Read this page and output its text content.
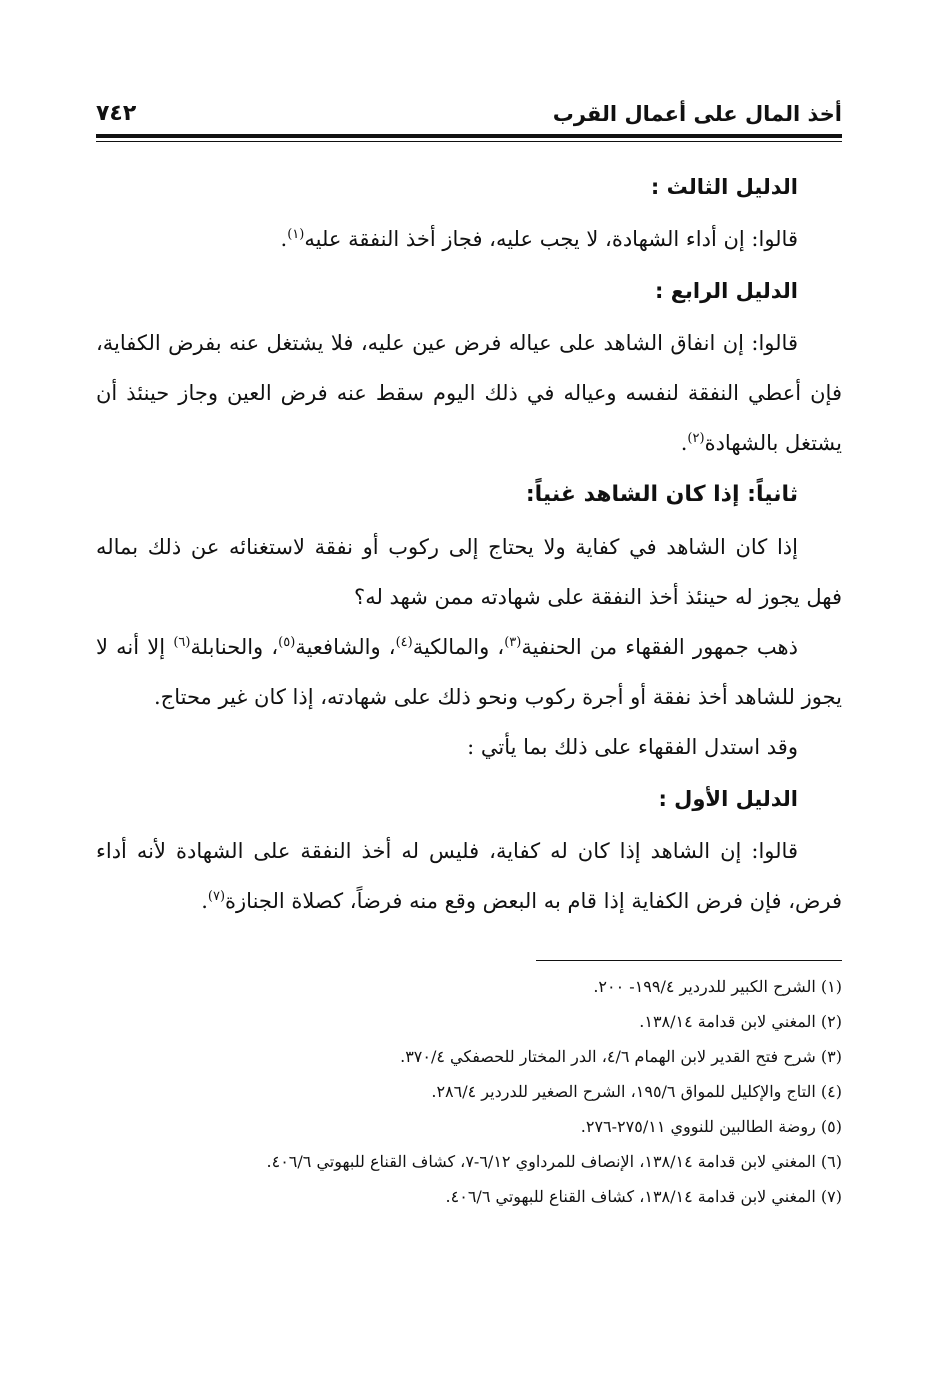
٧٤٢	أخذ المال على أعمال القرب

الدليل الثالث :

قالوا: إن أداء الشهادة، لا يجب عليه، فجاز أخذ النفقة عليه$^{(١)}$.

الدليل الرابع :

قالوا: إن انفاق الشاهد على عياله فرض عين عليه، فلا يشتغل عنه بفرض الكفاية، فإن أعطي النفقة لنفسه وعياله في ذلك اليوم سقط عنه فرض العين وجاز حينئذ أن يشتغل بالشهادة$^{(٢)}$.

ثانياً: إذا كان الشاهد غنياً:

إذا كان الشاهد في كفاية ولا يحتاج إلى ركوب أو نفقة لاستغنائه عن ذلك بماله فهل يجوز له حينئذ أخذ النفقة على شهادته ممن شهد له؟

ذهب جمهور الفقهاء من الحنفية$^{(٣)}$، والمالكية$^{(٤)}$، والشافعية$^{(٥)}$، والحنابلة$^{(٦)}$ إلا أنه لا يجوز للشاهد أخذ نفقة أو أجرة ركوب ونحو ذلك على شهادته، إذا كان غير محتاج.

وقد استدل الفقهاء على ذلك بما يأتي :

الدليل الأول :

قالوا: إن الشاهد إذا كان له كفاية، فليس له أخذ النفقة على الشهادة لأنه أداء فرض، فإن فرض الكفاية إذا قام به البعض وقع منه فرضاً، كصلاة الجنازة$^{(٧)}$.

(١) الشرح الكبير للدردير ١٩٩/٤- ٢٠٠.

(٢) المغني لابن قدامة ١٣٨/١٤.

(٣) شرح فتح القدير لابن الهمام ٤/٦، الدر المختار للحصفكي ٣٧٠/٤.

(٤) التاج والإكليل للمواق ١٩٥/٦، الشرح الصغير للدردير ٢٨٦/٤.

(٥) روضة الطالبين للنووي ٢٧٥/١١-٢٧٦.

(٦) المغني لابن قدامة ١٣٨/١٤، الإنصاف للمرداوي ٦/١٢-٧، كشاف القناع للبهوتي ٤٠٦/٦.

(٧) المغني لابن قدامة ١٣٨/١٤، كشاف القناع للبهوتي ٤٠٦/٦.
